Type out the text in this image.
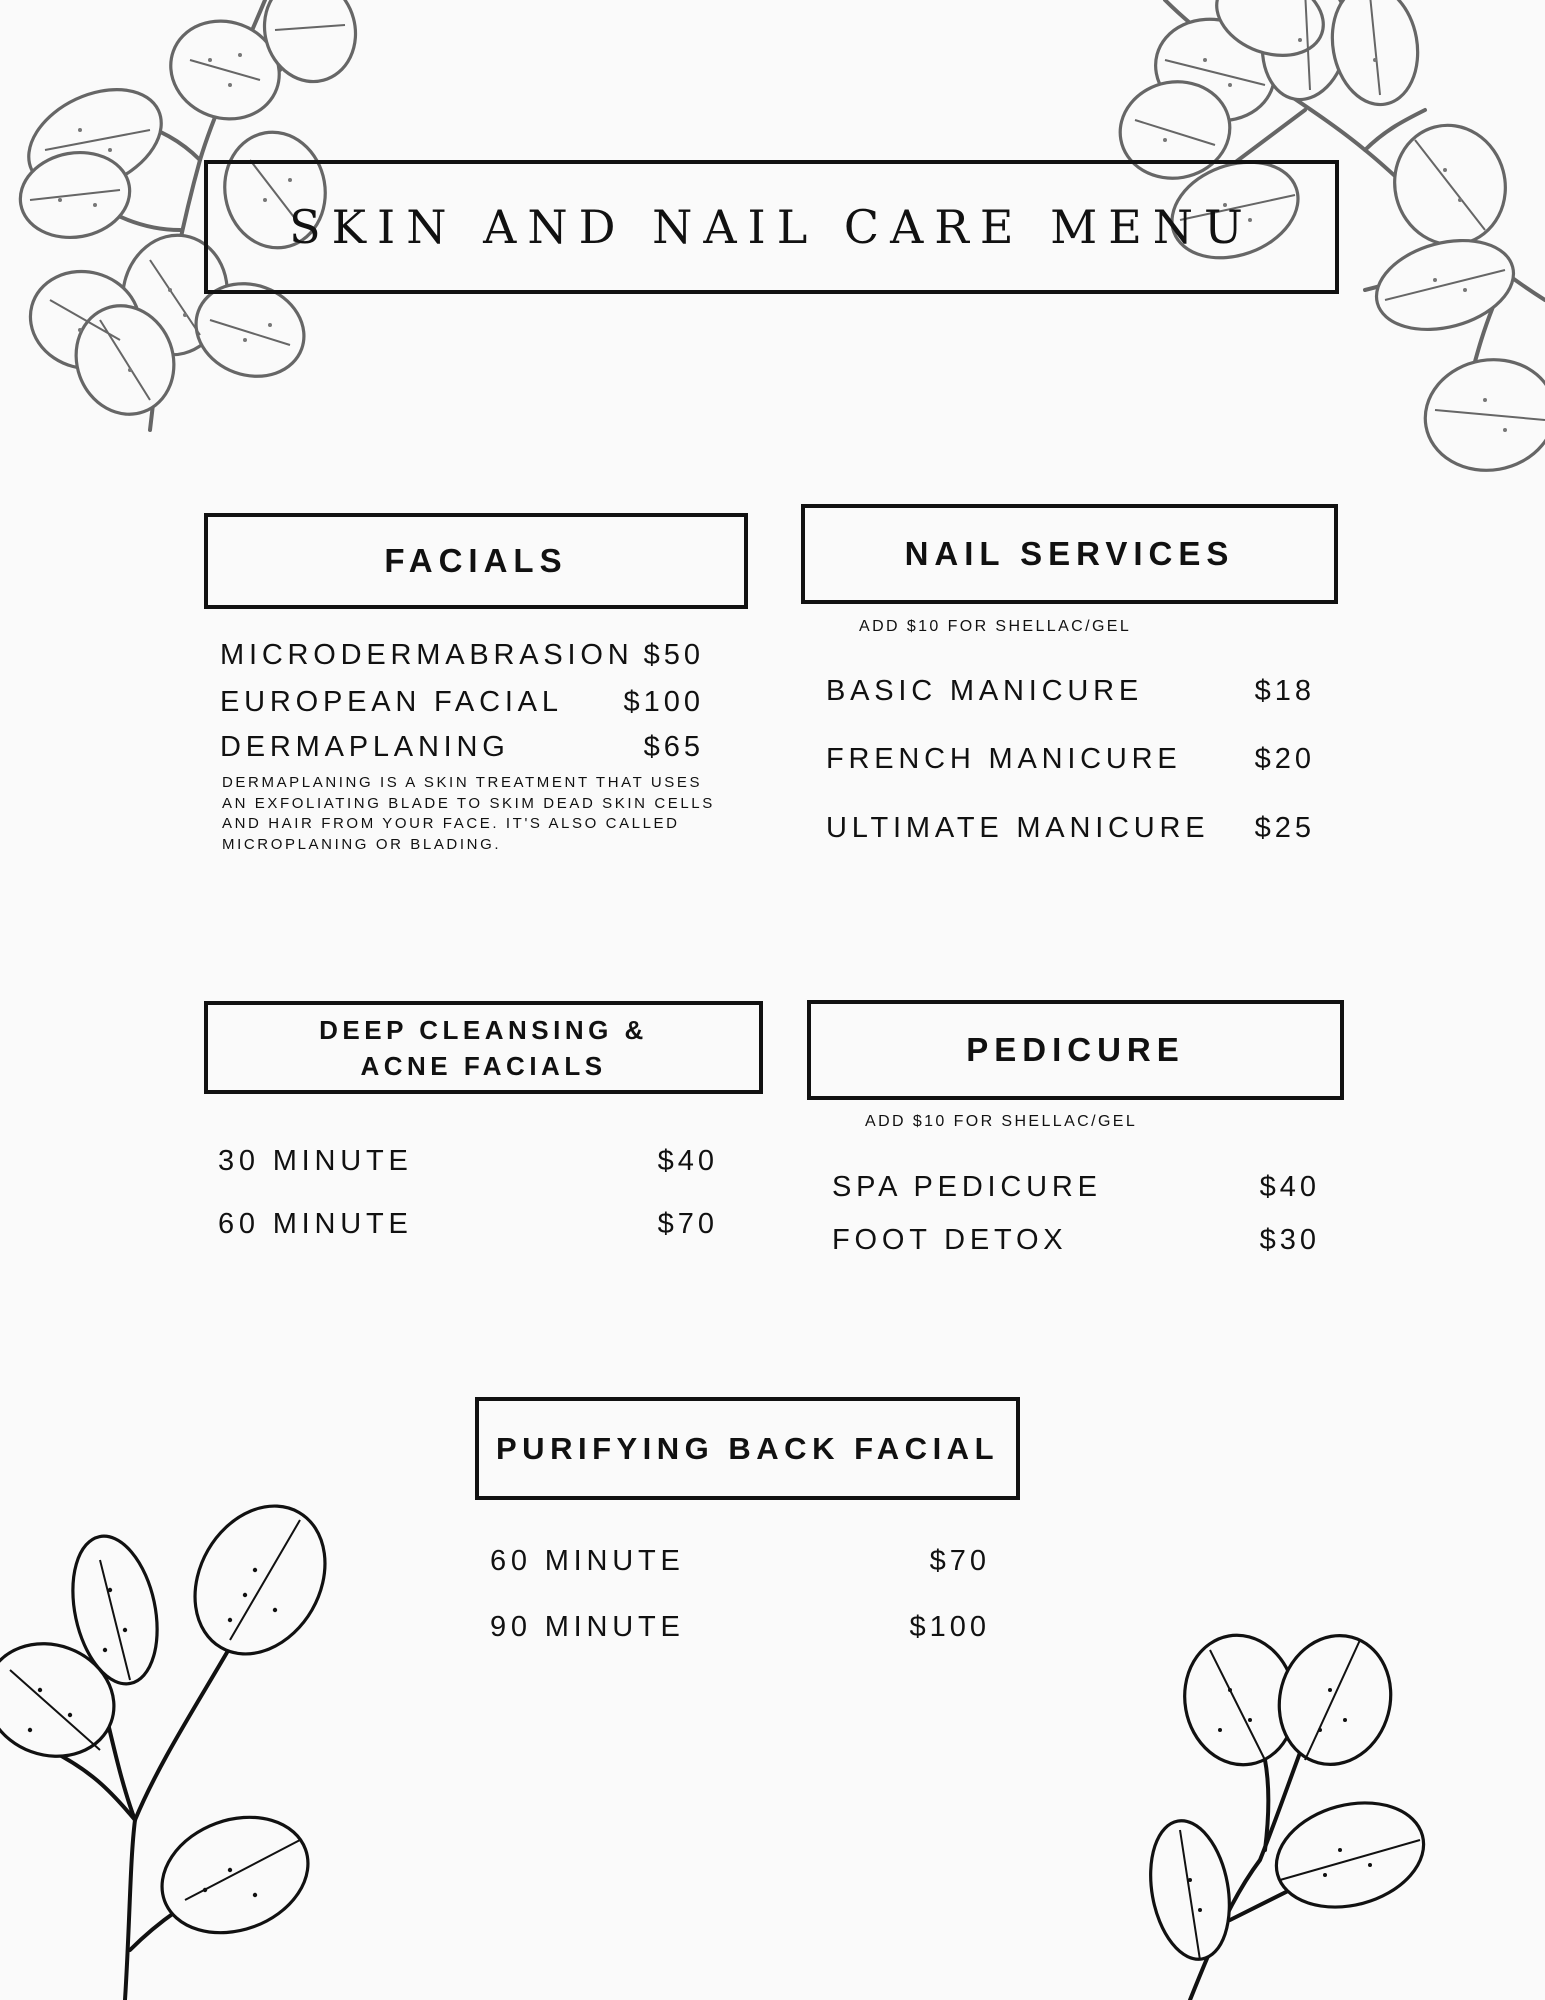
SKIN AND NAIL CARE MENU
FACIALS
MICRODERMABRASION $50
EUROPEAN FACIAL $100
DERMAPLANING	$65
DERMAPLANING IS A SKIN TREATMENT THAT USES AN EXFOLIATING BLADE TO SKIM DEAD SKIN CELLS AND HAIR FROM YOUR FACE. IT'S ALSO CALLED MICROPLANING OR BLADING.
NAIL SERVICES
ADD $10 FOR SHELLAC/GEL
BASIC MANICURE	$18
FRENCH MANICURE	$20
ULTIMATE MANICURE $25
DEEP CLEANSING &
ACNE FACIALS
30 MINUTE	$40
60 MINUTE	$70
PEDICURE
ADD $10 FOR SHELLAC/GEL
SPA PEDICURE	$40
FOOT DETOX	$30
PURIFYING BACK FACIAL
60 MINUTE	$70
90 MINUTE	$100
